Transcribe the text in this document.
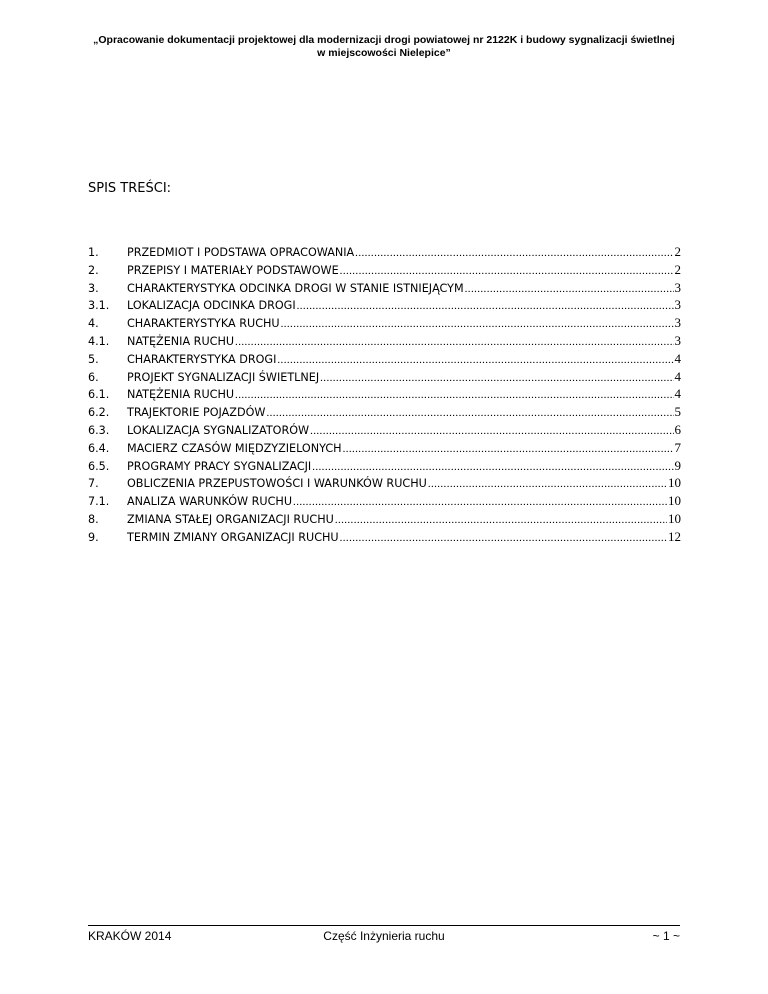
„Opracowanie dokumentacji projektowej dla modernizacji drogi powiatowej nr 2122K i budowy sygnalizacji świetlnej
w miejscowości Nielepice”
SPIS TREŚCI:
1.	PRZEDMIOT I PODSTAWA OPRACOWANIA .....	2
2.	PRZEPISY I MATERIAŁY PODSTAWOWE .....	2
3.	CHARAKTERYSTYKA ODCINKA DROGI W STANIE ISTNIEJĄCYM .....	3
3.1.	LOKALIZACJA ODCINKA DROGI .....	3
4.	CHARAKTERYSTYKA RUCHU .....	3
4.1.	NATĘŻENIA RUCHU .....	3
5.	CHARAKTERYSTYKA DROGI .....	4
6.	PROJEKT SYGNALIZACJI ŚWIETLNEJ .....	4
6.1.	NATĘŻENIA RUCHU .....	4
6.2.	TRAJEKTORIE POJAZDÓW .....	5
6.3.	LOKALIZACJA SYGNALIZATORÓW .....	6
6.4.	MACIERZ CZASÓW MIĘDZYZIELONYCH .....	7
6.5.	PROGRAMY PRACY SYGNALIZACJI .....	9
7.	OBLICZENIA PRZEPUSTOWOŚCI I WARUNKÓW RUCHU .....	10
7.1.	ANALIZA WARUNKÓW RUCHU .....	10
8.	ZMIANA STAŁEJ ORGANIZACJI RUCHU .....	10
9.	TERMIN ZMIANY ORGANIZACJI RUCHU .....	12
KRAKÓW 2014	Część Inżynieria ruchu	~ 1 ~
